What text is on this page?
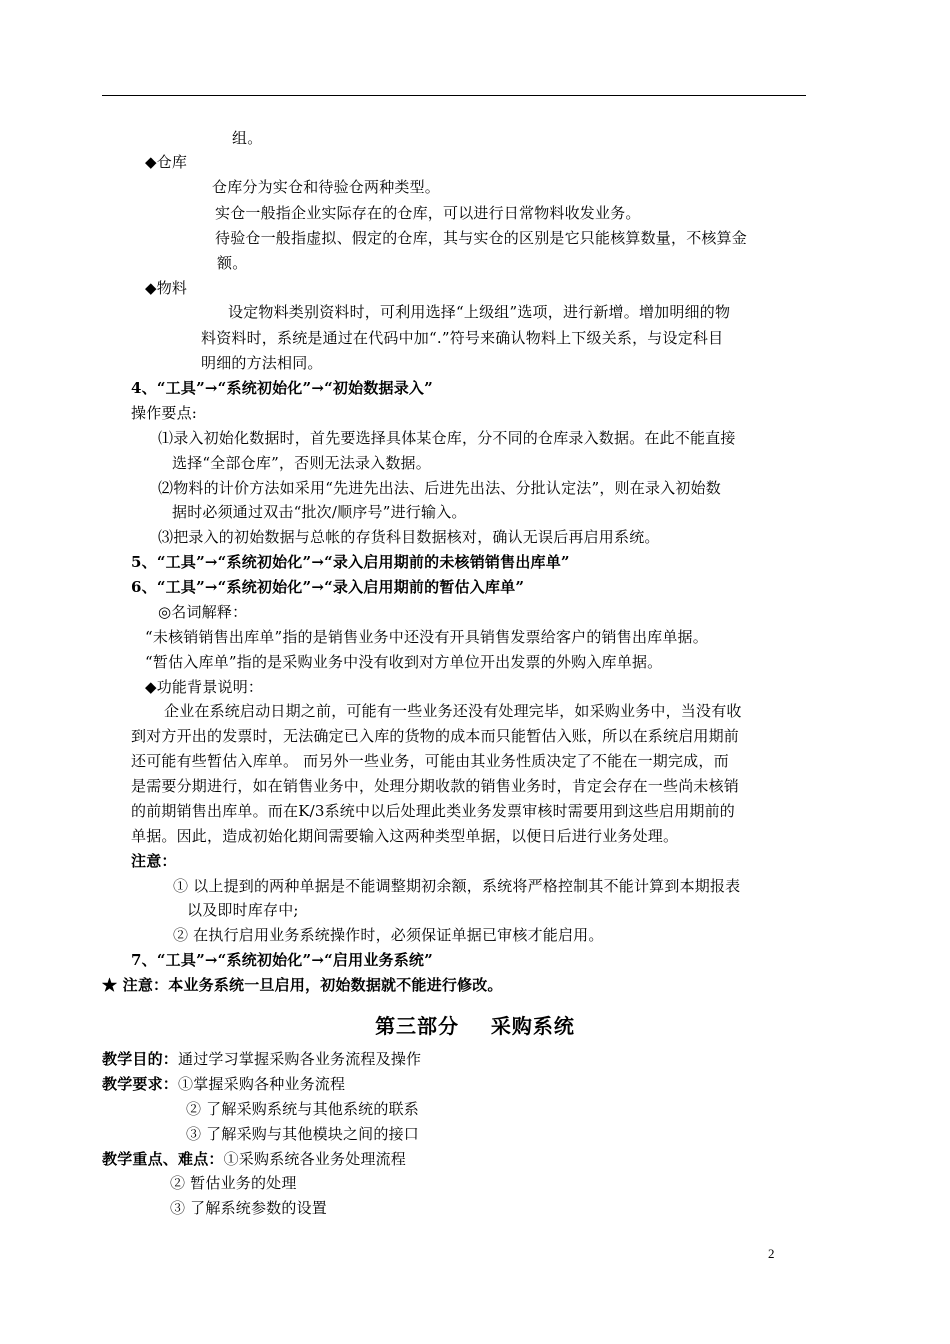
组。
◆仓库
仓库分为实仓和待验仓两种类型。
实仓一般指企业实际存在的仓库，可以进行日常物料收发业务。
待验仓一般指虚拟、假定的仓库，其与实仓的区别是它只能核算数量，不核算金
额。
◆物料
设定物料类别资料时，可利用选择“上级组”选项，进行新增。增加明细的物
料资料时，系统是通过在代码中加“.”符号来确认物料上下级关系，与设定科目
明细的方法相同。
4、“工具”→“系统初始化”→“初始数据录入”
操作要点:
⑴录入初始化数据时，首先要选择具体某仓库，分不同的仓库录入数据。在此不能直接
选择“全部仓库”，否则无法录入数据。
⑵物料的计价方法如采用“先进先出法、后进先出法、分批认定法”，则在录入初始数
据时必须通过双击“批次/顺序号”进行输入。
⑶把录入的初始数据与总帐的存货科目数据核对，确认无误后再启用系统。
5、“工具”→“系统初始化”→“录入启用期前的未核销销售出库单”
6、“工具”→“系统初始化”→“录入启用期前的暂估入库单”
◎名词解释：
“未核销销售出库单”指的是销售业务中还没有开具销售发票给客户的销售出库单据。
“暂估入库单”指的是采购业务中没有收到对方单位开出发票的外购入库单据。
◆功能背景说明：
企业在系统启动日期之前，可能有一些业务还没有处理完毕，如采购业务中，当没有收
到对方开出的发票时，无法确定已入库的货物的成本而只能暂估入账，所以在系统启用期前
还可能有些暂估入库单。 而另外一些业务，可能由其业务性质决定了不能在一期完成，而
是需要分期进行，如在销售业务中，处理分期收款的销售业务时，肯定会存在一些尚未核销
的前期销售出库单。而在K/3系统中以后处理此类业务发票审核时需要用到这些启用期前的
单据。因此，造成初始化期间需要输入这两种类型单据，以便日后进行业务处理。
注意：
① 以上提到的两种单据是不能调整期初余额，系统将严格控制其不能计算到本期报表
以及即时库存中;
② 在执行启用业务系统操作时，必须保证单据已审核才能启用。
7、“工具”→“系统初始化”→“启用业务系统”
★ 注意：本业务系统一旦启用，初始数据就不能进行修改。
第三部分    采购系统
教学目的：通过学习掌握采购各业务流程及操作
教学要求：①掌握采购各种业务流程
② 了解采购系统与其他系统的联系
③ 了解采购与其他模块之间的接口
教学重点、难点：①采购系统各业务处理流程
② 暂估业务的处理
③ 了解系统参数的设置
2
